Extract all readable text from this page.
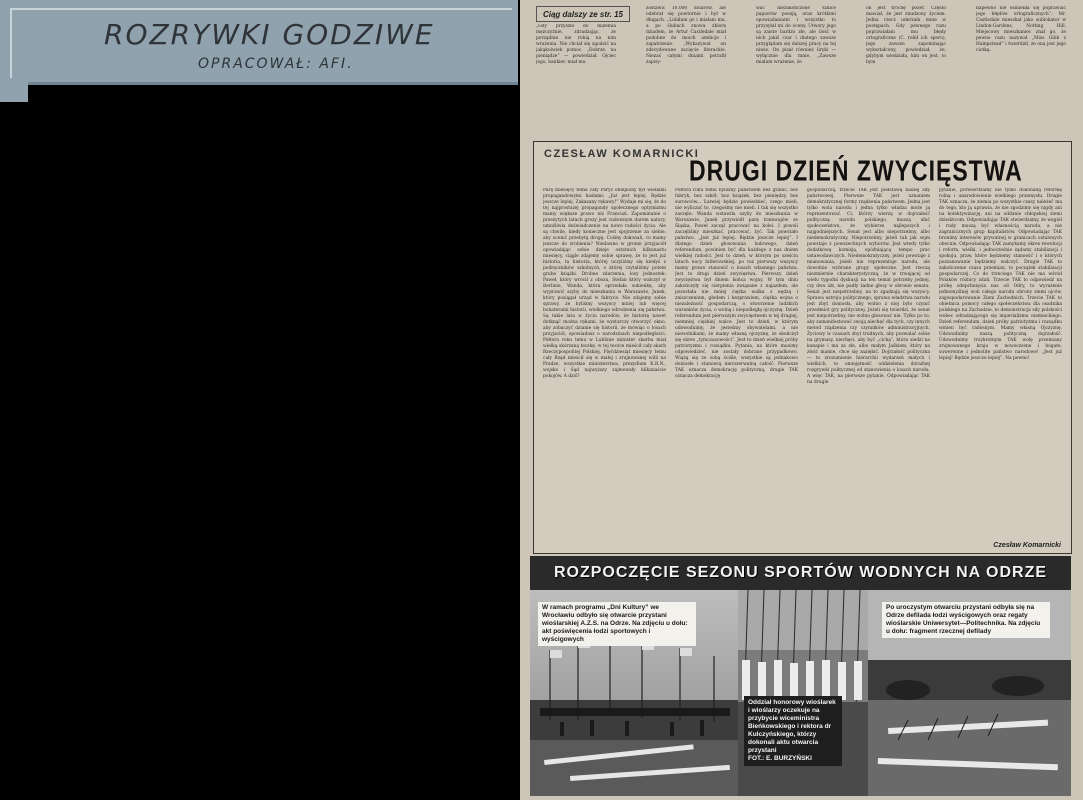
ROZRYWKI GODZIWE
OPRACOWAŁ: AFI.
Ciąg dalszy ze str. 15
„Gdy przyszło do mizelnia mężczyźnie, zdradzając, że porządnie nie robią na nim wrażenia. Nie chciał się zgodzić na jakąkolwiek pomoc. „Dobrze, na pieniądze” — powiedział. Ojciec jego, bankier, miał mu
zostawić 10.000 dolarów, ale odebrał się powtórnie i był w długach. „Lubiłam go i miałam mu, a po ślubach znowu zbiorę dziadem, że Artur Castledale miał podobne do moich ambicje i zapatrzenie. „Wykazywał on zdecydowane zacięcie literackie. Niezaś całymi dniami potrafił zapisy-
wać niezakończone szkice papiorów poezją, oraz krótkimi opowiadaniami i wszystko to przysyłał mi do oceny. Utwory jego są zaiste bardzo złe, ale ilość w nich jakiś czar i dlatego zawsze przyglądam się dalszej pracy na tej niwie. On pisał również liryki — wyłącznie dla mnie. „Zawsze miałam wrażenie, że
on jest trochę pozer. Często mawiał, że jest znudzony życiem. Jedna rzecz uderzała mnie w postępach. Gdy pewnego razu poprawiałam mu błędy ortograficzne (C. robił ich sporo), jego zawsze zapominając wykształcony, powiedział, że, gdybym wiedziała, kim on jest, to bym
napewno nie ośmieliła się poprawiać jego błędów ortograficznych”. Mr. Castledale mieszkał jako sublokator w Lindon-Gardens, Notting Hill. Miejscowy mieszkaniec znał go, że pewne razu nazywał „Miss Gibb z Hampstead” i twierdził, że ona jest jego ciotką.
CZESŁAW KOMARNICKI
DRUGI DZIEŃ ZWYCIĘSTWA
Parę miesięcy temu cały Paryż oblepiony był wielkimi propagandowymi hasłami: „Już jest lepiej. Będzie jeszcze lepiej. Zakazany rękawy!” Wydaje mi się, że do tej najprostszej propagandy społecznego optymizmu mamy większe prawo niż Francuzi. Zapominanie o przeżytych latach grozy jest cudownym darem natury, umożliwia doświadczenie na nowo radości życia. Ale są chwile, kiedy konieczne jest spojrzenie za siebie, aby ocenić przebytą drogę. Cośmy dokonali, co mamy jeszcze do zrobienia? Niedawno w gronie przyjaciół opowiadając sobie dzieje ostatnich kilkunastu miesięcy, ciągle zdajemy sobie sprawę, że to jest już historia, ta historia, której uczyliśmy się kiedyś z podręczników szkolnych, o której czytaliśmy potem grube książki. Drobne zdarzenia, losy jednostek: Paweł, który wrócił z obozu, Stefan który walczył w Berlinie, Wanda, która sprzedała sukienkę, aby wyprawić szyby do mieszkania w Warszawie, Janek, który posiągał urząd w fabryce. Nie zdajemy sobie sprawy, że byliśmy wszyscy mniej lub więcej bohaterami historii, wielkiego odrodzenia się państwa. Są takie lata w życiu narodów, że historię nawet dotknąć można rękami, że wystarczy otworzyć okno, aby zobaczyć dzianie się historii, że mówiąc o losach przyjaciół, opowiadasz o narodzinach niepodległości. Półtora roku temu w Lublinie minister skarbu miał wielką skórzaną teczkę, w tej teczce mieścił cały skarb Rzeczypospolitej Polskiej. Pięćdziesiąt miesięcy temu cały Rząd mieścił się w małej i zrujnowanej willi na Pradze, wszystkie ministerstwa, prezydium K.R.N., wojsko i Sąd najwyższy zajmowały kilkanaście pokojów. A dziś?
Półtora roku temu byliśmy państwem bez granic, bez fabryk, bez szkół, bez książek, bez pieniędzy, bez surowców... Łatwiej będzie powiedzieć, czego mieli, nie wyliczać to, czegośmy nie mieli. I tak się wszystko zaczęło: Wanda wstawiła szyby do mieszkania w Warszawie, Janek przywiódł parę tramwajów ze Śląska, Paweł zaczął pracować na kolei. I powoli zaczęliśmy mieszkać, pracować, żyć. Tak powstało państwo. „Jest już lepiej. Będzie jeszcze lepiej”. I dlatego dzień głosowania ludowego, dzień referendum, powinien być dla każdego z nas dniem wielkiej radości. Jest to dzień, w którym po sześciu latach nocy hitlerowskiej, po raz pierwszy wszyscy mamy prawo stanowić o losach własnego państwa. Jest to drugi dzień zwycięstwa. Pierwszy dzień zwycięstwa był dniem końca wojny. W tym dniu zakończyły się cierpienia związane z najazdem, ale pozostała nie mniej ciężka walka z nędzą i zniszczeniem, głodem i bezprawiem, ciężka wojna o niezależność gospodarczą, o stworzenie ludzkich warunków życia, o wolną i niepodległą ojczyznę. Dzień referendum jest pierwszym zwycięstwem w tej drugiej, niemniej ciężkiej walce. Jest to dzień, w którym udowodnimy, że jesteśmy obywatelami, a nie niewolnikami, że mamy własną ojczyznę, że skończył się okres „tymczasowości”. Jest to dzień wielkiej próby patriotyzmu i rozsądku. Pytania, na które musimy odpowiedzieć, nie zostały dobrane przypadkowo. Wiążą się ze sobą ściśle, wszystkie są jednakowo doniosłe i stanowią nierozerwalną całość. Pierwsze TAK oznacza demokrację polityczną, drugie TAK oznacza demokrację
gospodarczą, trzecie TAK jest podstawą naszej siły państwowej. Pierwsze TAK jest uznaniem demokratycznej formy rządzenia państwem. Jedna jest tylko wola narodu i jedna tylko władza może ją reprezentować. Ci, którzy wierzą w dojrzałość polityczną narodu polskiego, muszą ufać społeczeństwu, że wybierze najlepszych i najgodniejszych. Senat jest albo niepotrzebny, albo niedemokratyczny. Niepotrzebny, jeżeli tak jak sejm powstaje z powszechnych wyborów. Jest wtedy tylko dodatkową komisją, opóźniającą tempo prac ustawodawczych. Niedemokratyczny, jeżeli powstaje z mianowania, jeżeli nie reprezentuje narodu, ale dowolnie wybrane grupy społeczne. Jest rzeczą niezmiernie charakterystyczną, że w trwającej od wielu tygodni dyskusji na ten temat potrzeby jednej, czy dwu izb, nie padły żadne głosy w obronie senatu. Senat jest niepotrzebny, na to zgadzają się wszyscy. Sprawa ustroju politycznego, sprawa władztwa narodu jest zbyt doniosła, aby wolno z niej było czynić przedmiot gry politycznej. Jeżeli się twierdzi, że senat jest niepotrzebny, nie wolno głosować nie. Tylko po to, aby zamanifestować swoją niechęć dla tych, czy innych metod rządzenia czy czynników administracyjnych. Życiowy w czasach zbyt trudnych, aby pozwalać sobie na grymasy, niechęci, aby być „cichą”, która siedzi na kanapie i ma za złe, albo małym Jaśkiem, który na złość mamie, chce się zaziębić. Dojrzałość polityczna — to zrozumienie hierarchii wydarzeń małych i wielkich, to umiejętność oddzielenia doraźnej rozgrywki politycznej od stanowienia o losach narodu. A więc TAK, na pierwsze pytanie. Odpowiadając TAK na drugie
pytanie, potwierdzamy nie tylko dokonaną reformę rolną i unarodowienie wielkiego przemysłu. Drugie TAK oznacza, że ziemia po wszystkie czasy należeć ma do tego, kto ją uprawia, że nie zgodzimy się nigdy ani na kolektywizację, ani na oddanie chłopskiej ziemi dziedzicom. Odpowiadając TAK stwierdzamy, że węgiel i rudy muszą być własnością narodu, a nie zagranicznych grup kapitalistów. Odpowiadając TAK bronimy interesów prywatnej w granicach ustalonych obecnie. Odpowiadając TAK zamykamy okres rewolucji i reform, wielki, i jednocześnie żądamy stabilizacji i spokoju, praw, które będziemy stanowić i o których pozzanowanie będziemy walczyć. Drugie TAK to zakończenie czasu przemian, to początek stabilizacji gospodarczej. Co do trzeciego TAK nie ma wśród Polaków różnicy zdań. Trzecie TAK to odpowiedź na próbę odepchnięcia nas od Odry, to wyrażenie jednomyślnej woli całego narodu obrony ziemi ojców, zagospodarowanie Ziem Zachodnich. Trzecie TAK to obietnica pomocy całego społeczeństwa dla osadnika polskiego na Zachodzie, to demonstracja siły polskości wobec odradzającego się imperializmu niemieckiego. Dzień referendum, dzień próby patriotyzmu i rozsądku winien być radosnym. Mamy własną Ojczyznę. Udowodnimy naszą polityczną dojrzałość. Udowodnimy trzykrotnym TAK wolę przemiany zrujnowanego kraju w nowoczesne i bogate, suwerenne i jednolite państwo narodowe! „Jest już lepiej! Będzie jeszcze lepiej”. Na pewno!
Czesław Komarnicki
ROZPOCZĘCIE SEZONU SPORTÓW WODNYCH NA ODRZE
W ramach programu „Dni Kultury” we Wrocławiu odbyło się otwarcie przystani wioślarskiej A.Z.S. na Odrze. Na zdjęciu u dołu: akt poświęcenia łodzi sportowych i wyścigowych
Oddział honorowy wioślarek i wioślarzy oczekuje na przybycie wiceministra Bieńkowskiego i rektora dr Kulczyńskiego, którzy dokonali aktu otwarcia przystani
FOT.: E. BURZYŃSKI
Po uroczystym otwarciu przystani odbyła się na Odrze defilada łodzi wyścigowych oraz regaty wioślarskie Uniwersytet—Politechnika. Na zdjęciu u dołu: fragment rzecznej defilady
